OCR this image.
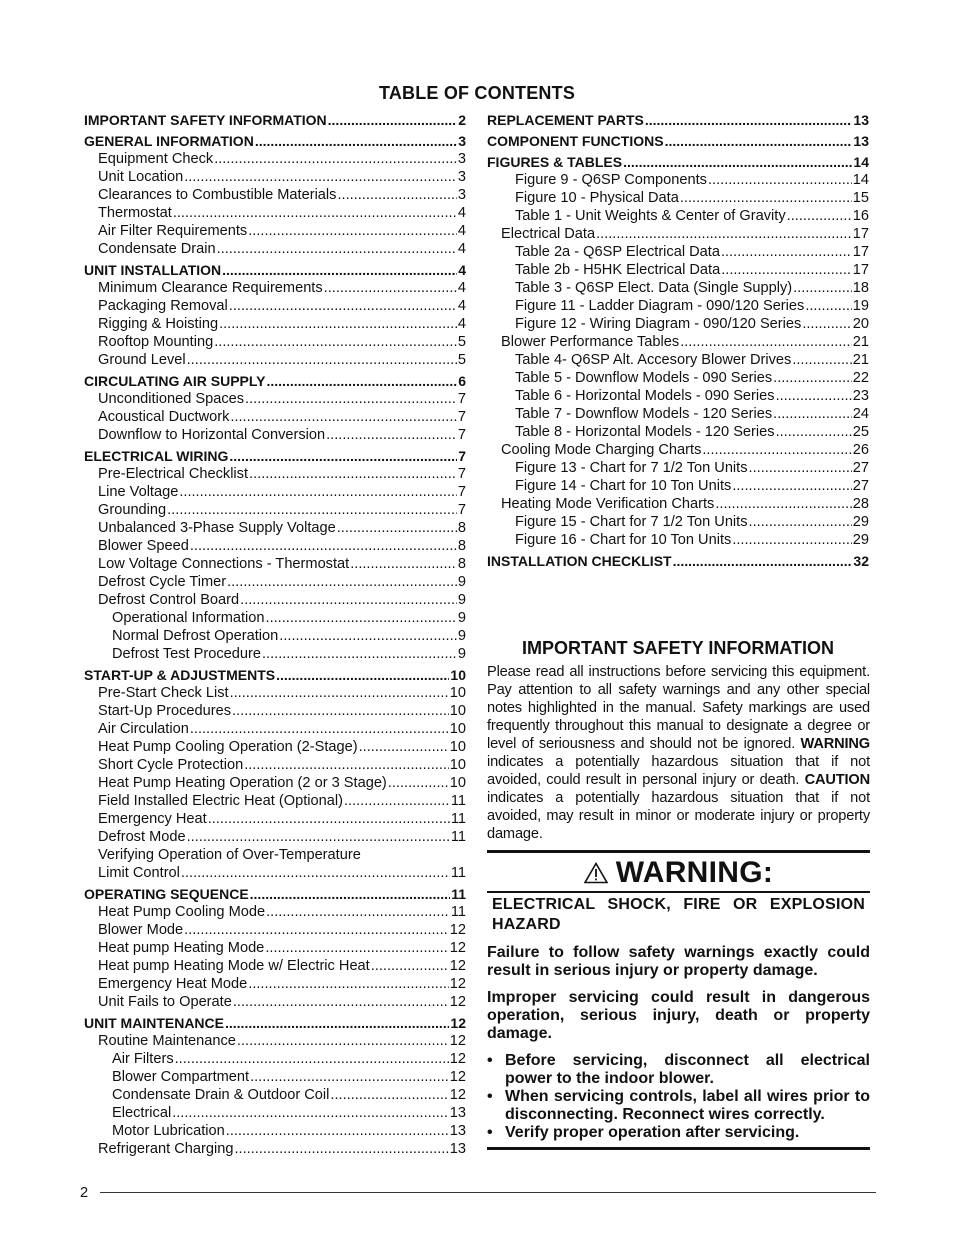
TABLE OF CONTENTS
IMPORTANT SAFETY INFORMATION .....	2
GENERAL INFORMATION .....	3
Equipment Check .....	3
Unit Location .....	3
Clearances to Combustible Materials .....	3
Thermostat .....	4
Air Filter Requirements .....	4
Condensate Drain .....	4
UNIT INSTALLATION .....	4
Minimum Clearance Requirements .....	4
Packaging Removal .....	4
Rigging & Hoisting .....	4
Rooftop Mounting .....	5
Ground Level .....	5
CIRCULATING AIR SUPPLY .....	6
Unconditioned Spaces .....	7
Acoustical Ductwork .....	7
Downflow to Horizontal Conversion .....	7
ELECTRICAL WIRING .....	7
Pre-Electrical Checklist .....	7
Line Voltage .....	7
Grounding .....	7
Unbalanced 3-Phase Supply Voltage .....	8
Blower Speed .....	8
Low Voltage Connections - Thermostat .....	8
Defrost Cycle Timer .....	9
Defrost Control Board .....	9
Operational Information .....	9
Normal Defrost Operation .....	9
Defrost Test Procedure .....	9
START-UP & ADJUSTMENTS .....	10
Pre-Start Check List .....	10
Start-Up Procedures .....	10
Air Circulation .....	10
Heat Pump Cooling Operation (2-Stage) .....	10
Short Cycle Protection .....	10
Heat Pump Heating Operation (2 or 3 Stage) .....	10
Field Installed Electric Heat (Optional) .....	11
Emergency Heat .....	11
Defrost Mode .....	11
Verifying Operation of Over-Temperature
Limit Control .....	11
OPERATING SEQUENCE .....	11
Heat Pump Cooling Mode .....	11
Blower Mode .....	12
Heat pump Heating Mode .....	12
Heat pump Heating Mode w/ Electric Heat .....	12
Emergency Heat Mode .....	12
Unit Fails to Operate .....	12
UNIT MAINTENANCE .....	12
Routine Maintenance .....	12
Air Filters .....	12
Blower Compartment .....	12
Condensate Drain & Outdoor Coil .....	12
Electrical .....	13
Motor Lubrication .....	13
Refrigerant Charging .....	13
REPLACEMENT PARTS .....	13
COMPONENT FUNCTIONS .....	13
FIGURES & TABLES .....	14
Figure 9 - Q6SP Components .....	14
Figure 10 - Physical Data .....	15
Table 1 - Unit Weights & Center of Gravity .....	16
Electrical Data .....	17
Table 2a - Q6SP Electrical Data .....	17
Table 2b - H5HK Electrical Data .....	17
Table 3 - Q6SP Elect. Data (Single Supply) .....	18
Figure 11 - Ladder Diagram - 090/120 Series .....	19
Figure 12 - Wiring Diagram - 090/120 Series .....	20
Blower Performance Tables .....	21
Table 4- Q6SP Alt. Accesory Blower Drives .....	21
Table 5 - Downflow Models - 090 Series .....	22
Table 6 - Horizontal Models - 090 Series .....	23
Table 7 - Downflow Models - 120 Series .....	24
Table 8 - Horizontal Models - 120 Series .....	25
Cooling Mode Charging Charts .....	26
Figure 13 - Chart for 7 1/2 Ton Units .....	27
Figure 14 - Chart for 10 Ton Units .....	27
Heating Mode Verification Charts .....	28
Figure 15 - Chart for 7 1/2 Ton Units .....	29
Figure 16 - Chart for 10 Ton Units .....	29
INSTALLATION CHECKLIST .....	32
IMPORTANT SAFETY INFORMATION
Please read all instructions before servicing this equipment. Pay attention to all safety warnings and any other special notes highlighted in the manual. Safety markings are used frequently throughout this manual to designate a degree or level of seriousness and should not be ignored. WARNING indicates a potentially hazardous situation that if not avoided, could result in personal injury or death. CAUTION indicates a potentially hazardous situation that if not avoided, may result in minor or moderate injury or property damage.
WARNING:
ELECTRICAL SHOCK, FIRE OR EXPLOSION HAZARD
Failure to follow safety warnings exactly could result in serious injury or property damage.
Improper servicing could result in dangerous operation, serious injury, death or property damage.
• Before servicing, disconnect all electrical power to the indoor blower.
• When servicing controls, label all wires prior to disconnecting. Reconnect wires correctly.
• Verify proper operation after servicing.
2
